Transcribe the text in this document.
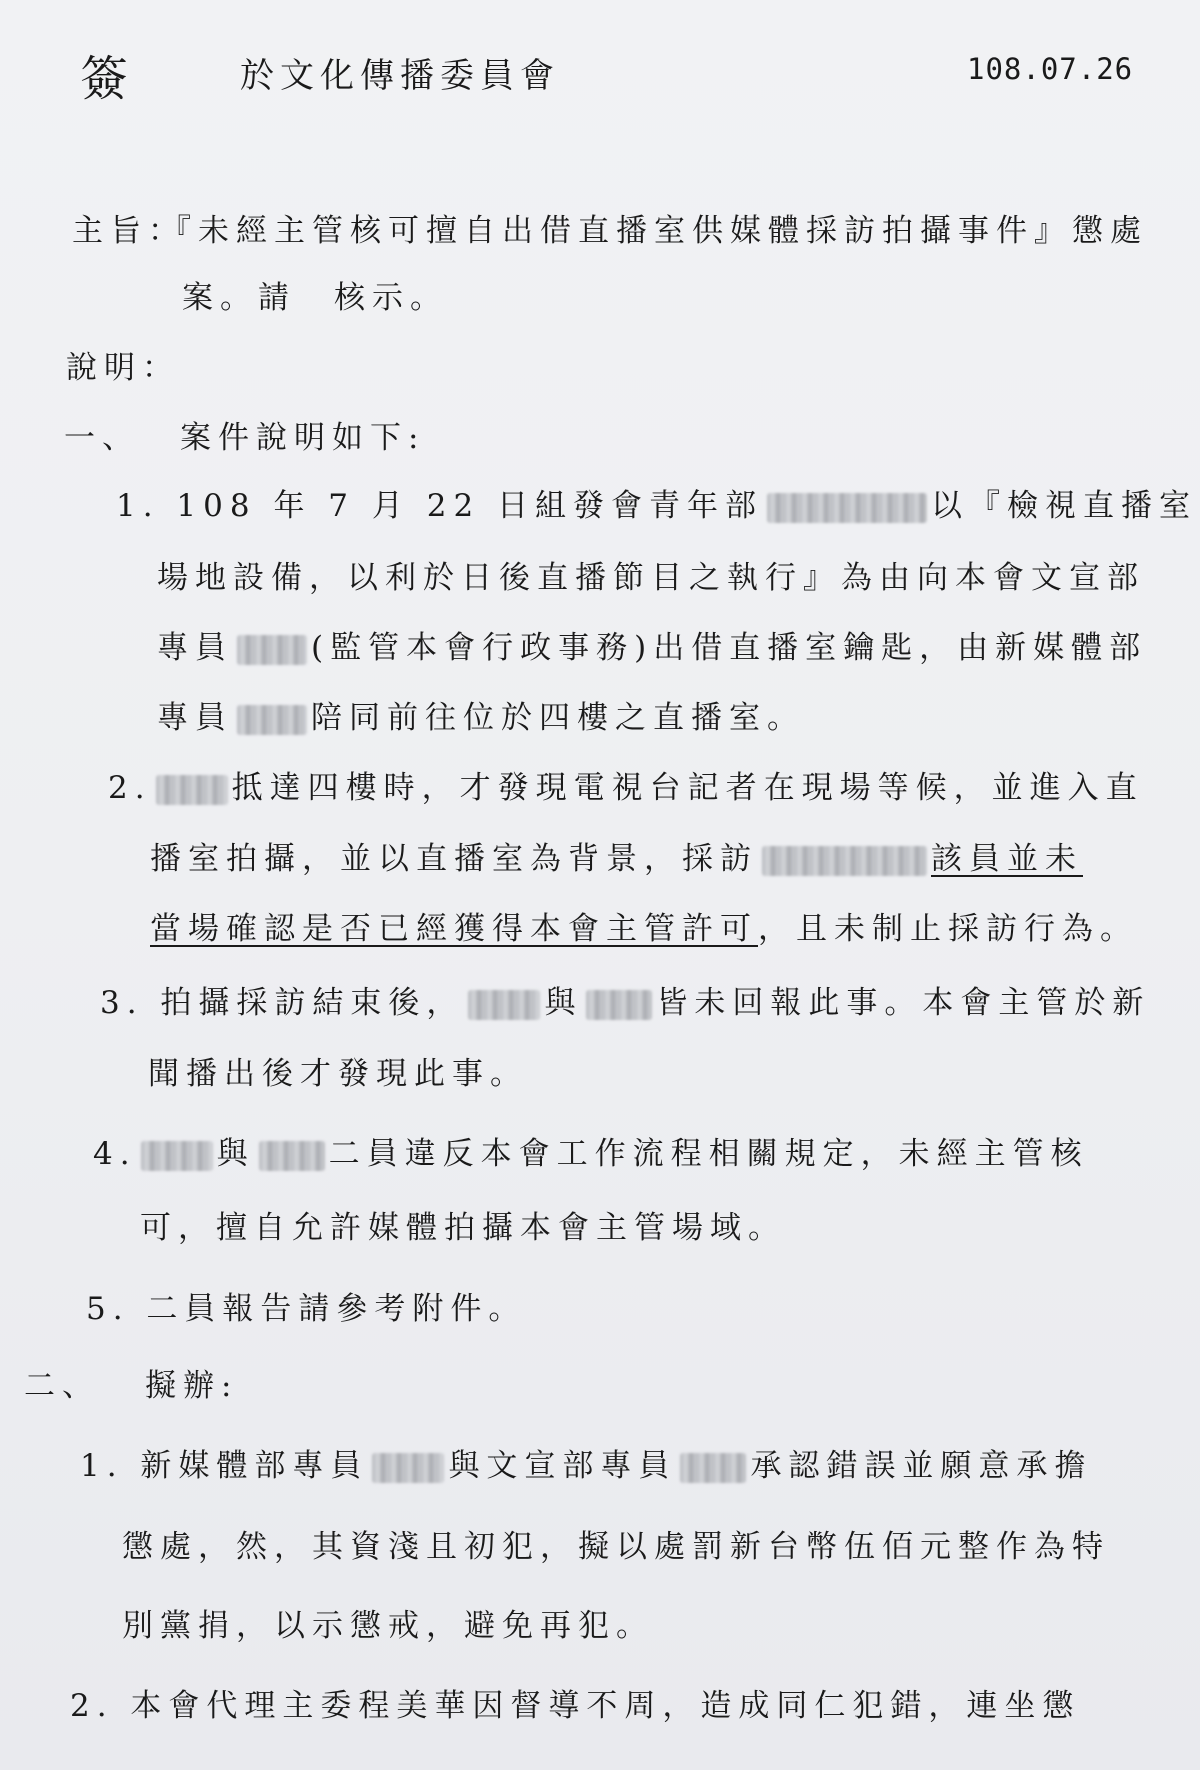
簽	於文化傳播委員會	108.07.26
主旨：
『未經主管核可擅自出借直播室供媒體採訪拍攝事件』懲處
案。請　核示。
說明：
一、 案件說明如下:
1. 108 年 7 月 22 日組發會青年部	以『檢視直播室
場地設備，以利於日後直播節目之執行』為由向本會文宣部
專員	(監管本會行政事務)出借直播室鑰匙，由新媒體部
專員	陪同前往位於四樓之直播室。
2.	抵達四樓時，才發現電視台記者在現場等候，並進入直
播室拍攝，並以直播室為背景，採訪	該員並未
當場確認是否已經獲得本會主管許可，且未制止採訪行為。
3. 拍攝採訪結束後，	與 皆未回報此事。本會主管於新
聞播出後才發現此事。
4.	與 二員違反本會工作流程相關規定，未經主管核
可，擅自允許媒體拍攝本會主管場域。
5. 二員報告請參考附件。
二、 擬辦:
1. 新媒體部專員	與文宣部專員 承認錯誤並願意承擔
懲處，然，其資淺且初犯，擬以處罰新台幣伍佰元整作為特
別黨捐，以示懲戒，避免再犯。
2. 本會代理主委程美華因督導不周，造成同仁犯錯，連坐懲
